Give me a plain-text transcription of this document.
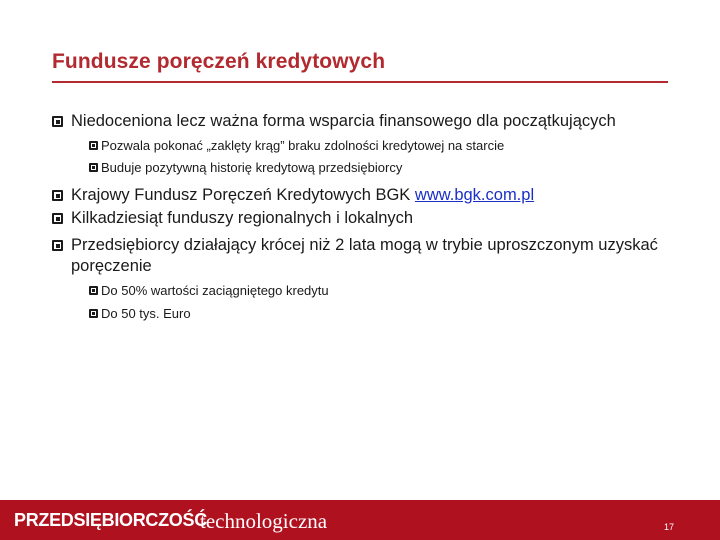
Fundusze poręczeń kredytowych
Niedoceniona lecz ważna forma wsparcia finansowego dla początkujących
Pozwala pokonać „zaklęty krąg” braku zdolności kredytowej na starcie
Buduje pozytywną historię kredytową przedsiębiorcy
Krajowy Fundusz Poręczeń Kredytowych BGK www.bgk.com.pl
Kilkadziesiąt funduszy regionalnych i lokalnych
Przedsiębiorcy działający krócej niż 2 lata mogą w trybie uproszczonym uzyskać poręczenie
Do 50% wartości zaciągniętego kredytu
Do 50 tys. Euro
PRZEDSIĘBIORCZOŚĆ
technologiczna	17
